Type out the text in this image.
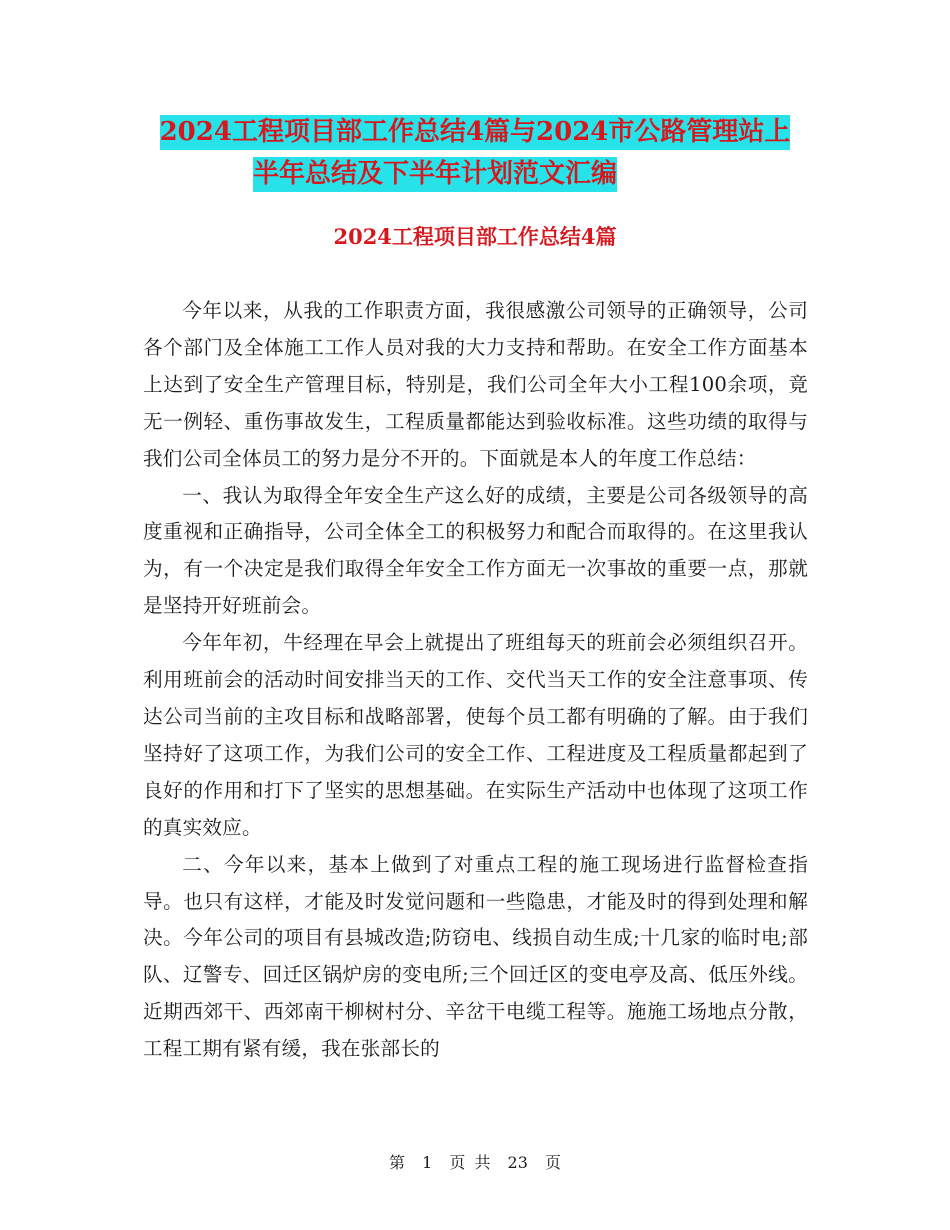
2024工程项目部工作总结4篇与2024市公路管理站上
半年总结及下半年计划范文汇编
2024工程项目部工作总结4篇

今年以来，从我的工作职责方面，我很感激公司领导的正确领导，公司各个部门及全体施工工作人员对我的大力支持和帮助。在安全工作方面基本上达到了安全生产管理目标，特别是，我们公司全年大小工程100余项，竟无一例轻、重伤事故发生，工程质量都能达到验收标准。这些功绩的取得与我们公司全体员工的努力是分不开的。下面就是本人的年度工作总结：

一、我认为取得全年安全生产这么好的成绩，主要是公司各级领导的高度重视和正确指导，公司全体全工的积极努力和配合而取得的。在这里我认为，有一个决定是我们取得全年安全工作方面无一次事故的重要一点，那就是坚持开好班前会。

今年年初，牛经理在早会上就提出了班组每天的班前会必须组织召开。利用班前会的活动时间安排当天的工作、交代当天工作的安全注意事项、传达公司当前的主攻目标和战略部署，使每个员工都有明确的了解。由于我们坚持好了这项工作，为我们公司的安全工作、工程进度及工程质量都起到了良好的作用和打下了坚实的思想基础。在实际生产活动中也体现了这项工作的真实效应。

二、今年以来，基本上做到了对重点工程的施工现场进行监督检查指导。也只有这样，才能及时发觉问题和一些隐患，才能及时的得到处理和解决。今年公司的项目有县城改造;防窃电、线损自动生成;十几家的临时电;部队、辽警专、回迁区锅炉房的变电所;三个回迁区的变电亭及高、低压外线。近期西郊干、西郊南干柳树村分、辛岔干电缆工程等。施施工场地点分散，工程工期有紧有缓，我在张部长的

第 1 页 共 23 页
